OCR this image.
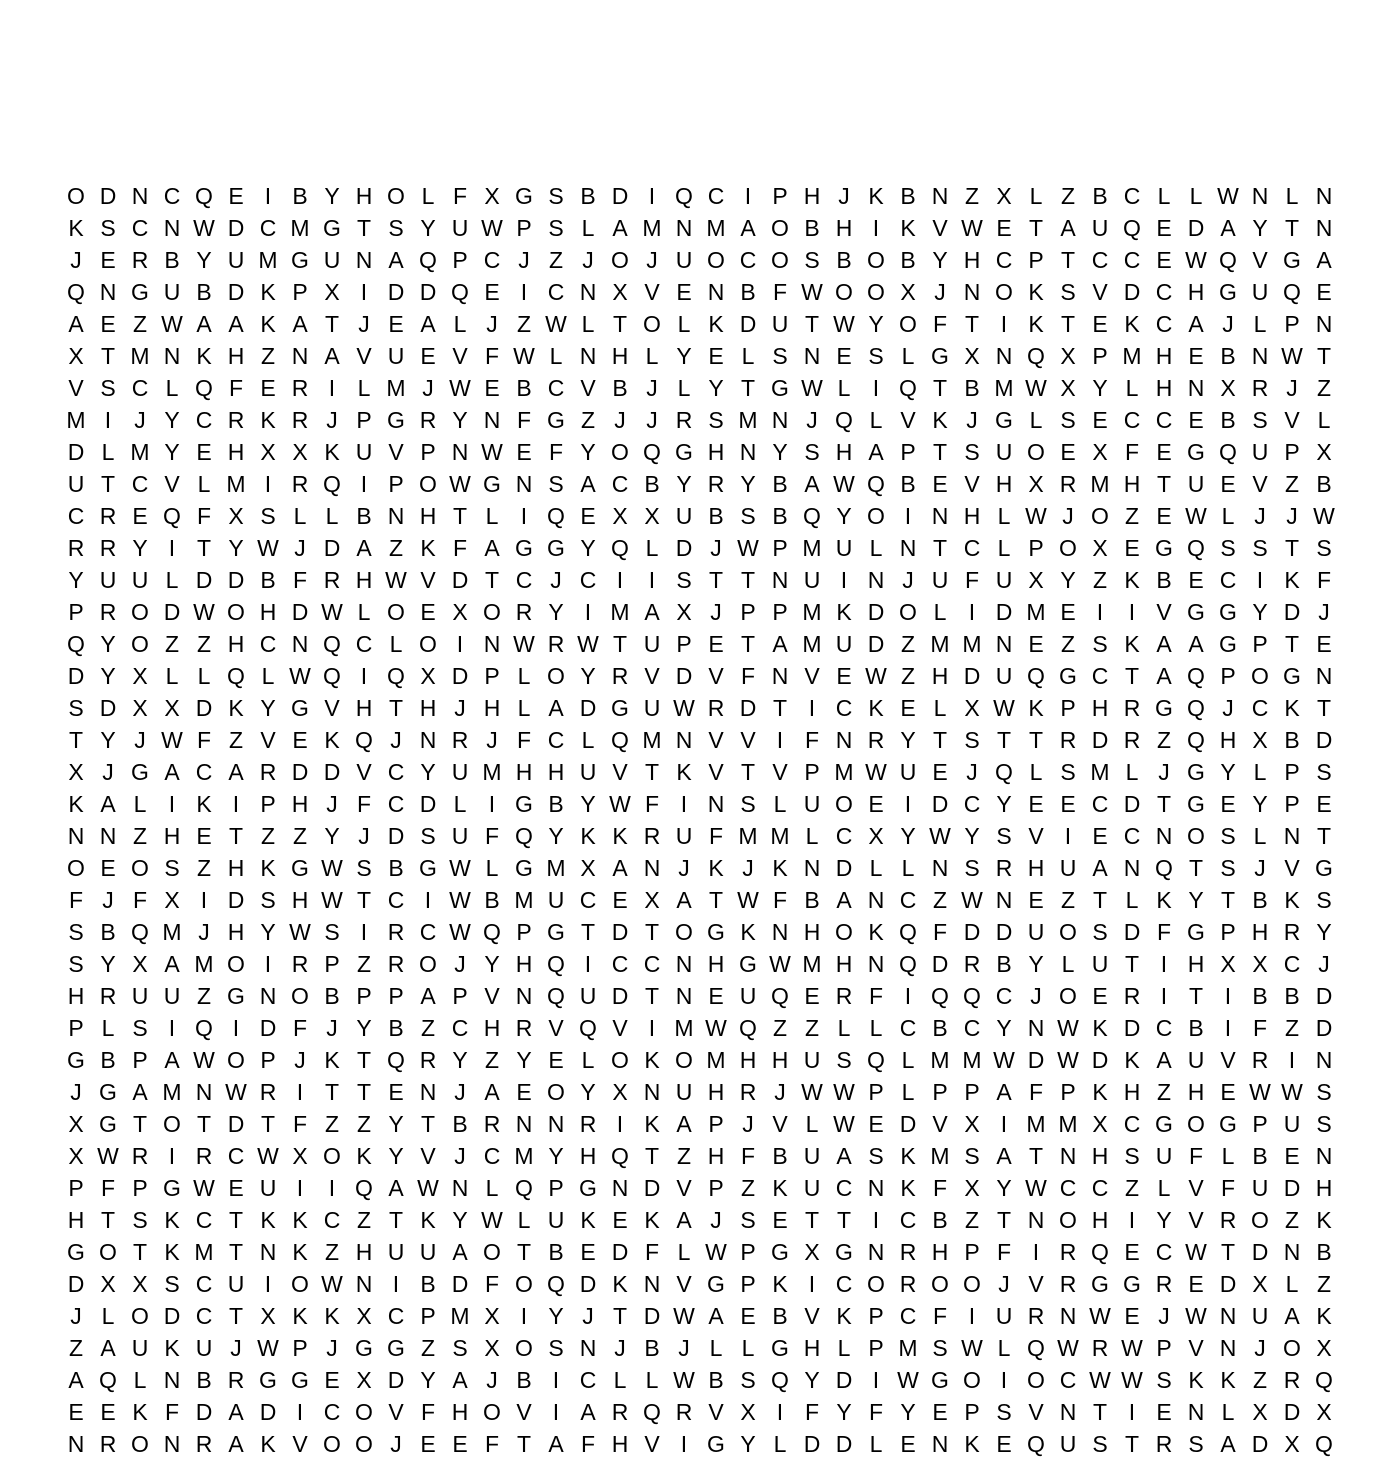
O D N C Q E I B Y H O L F X G S B D I Q C I P H J K B N Z X L Z B C L L W N L N
K S C N W D C M G T S Y U W P S L A M N M A O B H I K V W E T A U Q E D A Y T N
J E R B Y U M G U N A Q P C J Z J O J U O C O S B O B Y H C P T C C E W Q V G A
Q N G U B D K P X I D D Q E I C N X V E N B F W O O X J N O K S V D C H G U Q E
A E Z W A A K A T J E A L J Z W L T O L K D U T W Y O F T I K T E K C A J L P N
X T M N K H Z N A V U E V F W L N H L Y E L S N E S L G X N Q X P M H E B N W T
V S C L Q F E R I L M J W E B C V B J L Y T G W L I Q T B M W X Y L H N X R J Z
M I	J Y C R K R J P G R Y N F G Z J J R S M N J Q L V K J G L S E C C E B S V L
D L M Y E H X X K U V P N W E F Y O Q G H N Y S H A P T S U O E X F E G Q U P X
U T C V L M I R Q I P O W G N S A C B Y R Y B A W Q B E V H X R M H T U E V Z B
C R E Q F X S L L B N H T L I Q E X X U B S B Q Y O I N H L W J O Z E W L J J W
R R Y I T Y W J D A Z K F A G G Y Q L D J W P M U L N T C L P O X E G Q S S T S
Y U U L D D B F R H W V D T C J C I	I S T T N U I N J U F U X Y Z K B E C I K F
P R O D W O H D W L O E X O R Y I M A X J P P M K D O L I D M E I	I V G G Y D J
Q Y O Z Z H C N Q C L O I N W R W T U P E T A M U D Z M M N E Z S K A A G P T E
D Y X L L Q L W Q I Q X D P L O Y R V D V F N V E W Z H D U Q G C T A Q P O G N
S D X X D K Y G V H T H J H L A D G U W R D T I C K E L X W K P H R G Q J C K T
T Y J W F Z V E K Q J N R J F C L Q M N V V I F N R Y T S T T R D R Z Q H X B D
X J G A C A R D D V C Y U M H H U V T K V T V P M W U E J Q L S M L J G Y L P S
K A L I K I P H J F C D L I G B Y W F I N S L U O E I D C Y E E C D T G E Y P E
N N Z H E T Z Z Y J D S U F Q Y K K R U F M M L C X Y W Y S V I E C N O S L N T
O E O S Z H K G W S B G W L G M X A N J K J K N D L L N S R H U A N Q T S J V G
F J F X I D S H W T C I W B M U C E X A T W F B A N C Z W N E Z T L K Y T B K S
S B Q M J H Y W S I R C W Q P G T D T O G K N H O K Q F D D U O S D F G P H R Y
S Y X A M O I R P Z R O J Y H Q I C C N H G W M H N Q D R B Y L U T I H X X C J
H R U U Z G N O B P P A P V N Q U D T N E U Q E R F I Q Q C J O E R I T I B B D
P L S I Q I D F J Y B Z C H R V Q V I M W Q Z Z L L C B C Y N W K D C B I F Z D
G B P A W O P J K T Q R Y Z Y E L O K O M H H U S Q L M M W D W D K A U V R I N
J G A M N W R I T T E N J A E O Y X N U H R J W W P L P P A F P K H Z H E W W S
X G T O T D T F Z Z Y T B R N N R I K A P J V L W E D V X I M M X C G O G P U S
X W R I R C W X O K Y V J C M Y H Q T Z H F B U A S K M S A T N H S U F L B E N
P F P G W E U I	I Q A W N L Q P G N D V P Z K U C N K F X Y W C C Z L V F U D H
H T S K C T K K C Z T K Y W L U K E K A J S E T T I C B Z T N O H I Y V R O Z K
G O T K M T N K Z H U U A O T B E D F L W P G X G N R H P F I R Q E C W T D N B
D X X S C U I O W N I B D F O Q D K N V G P K I C O R O O J V R G G R E D X L Z
J L O D C T X K K X C P M X I Y J T D W A E B V K P C F I U R N W E J W N U A K
Z A U K U J W P J G G Z S X O S N J B J L L G H L P M S W L Q W R W P V N J O X
A Q L N B R G G E X D Y A J B I C L L W B S Q Y D I W G O I O C W W S K K Z R Q
E E K F D A D I C O V F H O V I A R Q R V X I F Y F Y E P S V N T I E N L X D X
N R O N R A K V O O J E E F T A F H V I G Y L D D L E N K E Q U S T R S A D X Q
